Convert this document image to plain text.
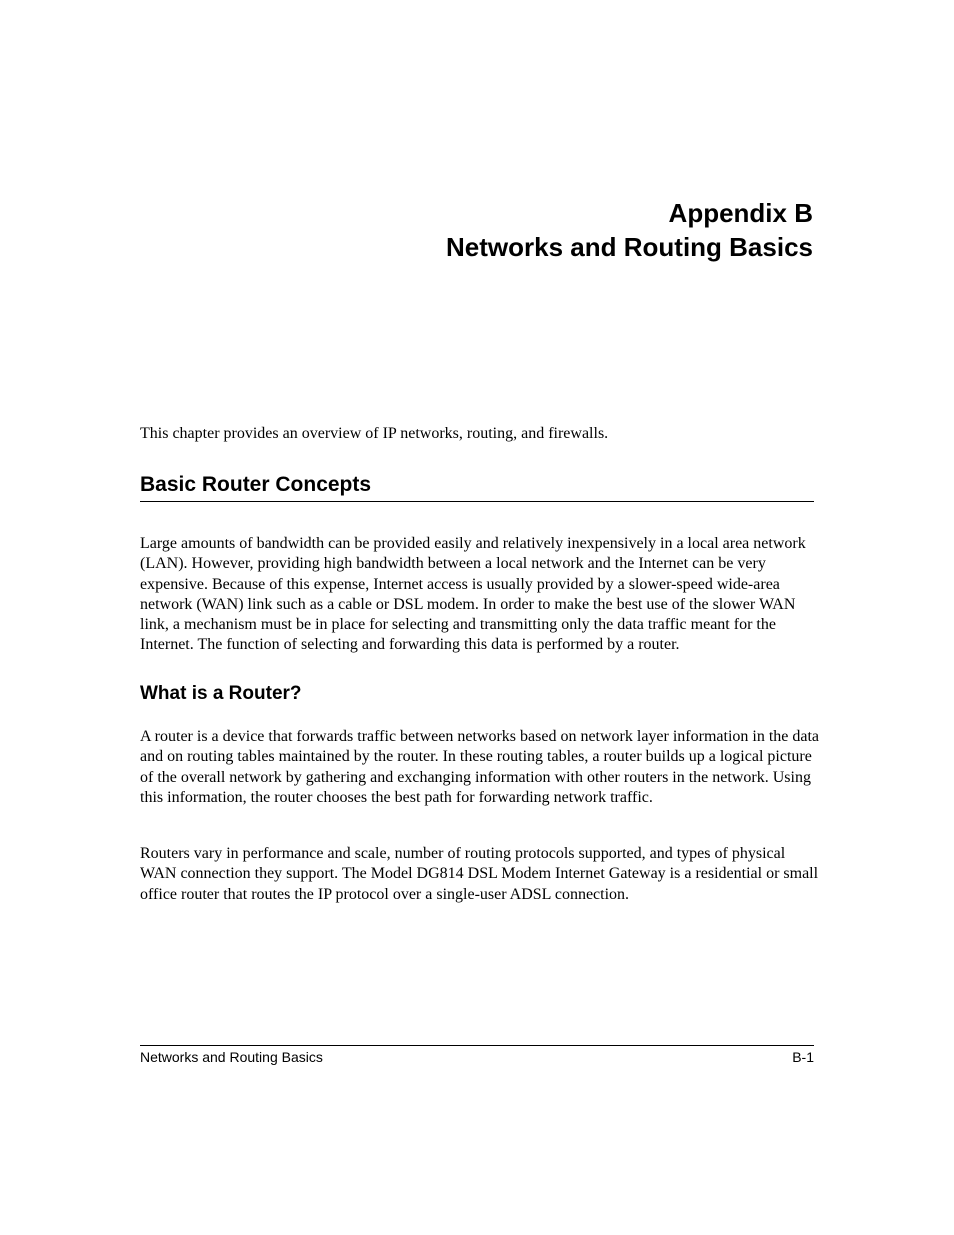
Appendix B
Networks and Routing Basics

This chapter provides an overview of IP networks, routing, and firewalls.

Basic Router Concepts

Large amounts of bandwidth can be provided easily and relatively inexpensively in a local area network (LAN). However, providing high bandwidth between a local network and the Internet can be very expensive. Because of this expense, Internet access is usually provided by a slower-speed wide-area network (WAN) link such as a cable or DSL modem. In order to make the best use of the slower WAN link, a mechanism must be in place for selecting and transmitting only the data traffic meant for the Internet. The function of selecting and forwarding this data is performed by a router.

What is a Router?

A router is a device that forwards traffic between networks based on network layer information in the data and on routing tables maintained by the router. In these routing tables, a router builds up a logical picture of the overall network by gathering and exchanging information with other routers in the network. Using this information, the router chooses the best path for forwarding network traffic.

Routers vary in performance and scale, number of routing protocols supported, and types of physical WAN connection they support. The Model DG814 DSL Modem Internet Gateway is a residential or small office router that routes the IP protocol over a single-user ADSL connection.

Networks and Routing Basics	B-1
